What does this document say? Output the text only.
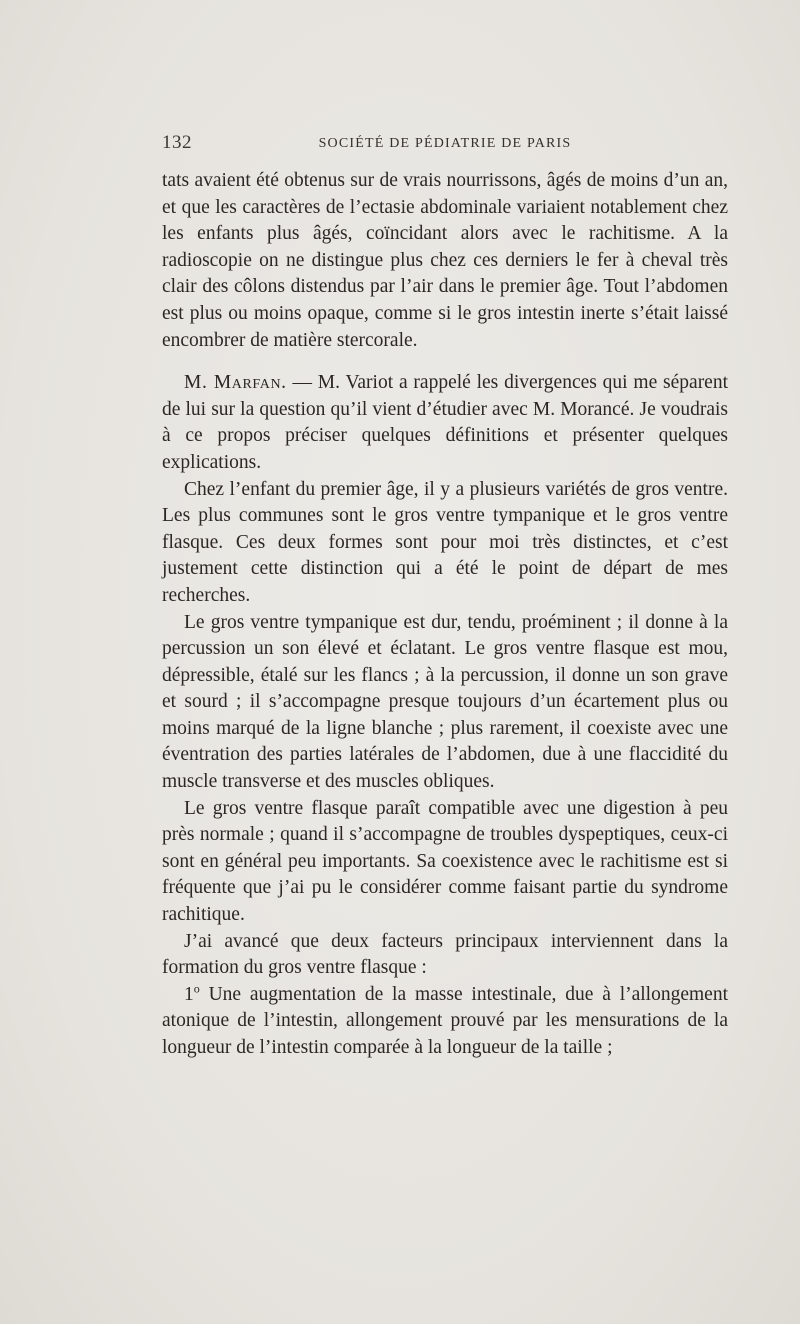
132	SOCIÉTÉ DE PÉDIATRIE DE PARIS

tats avaient été obtenus sur de vrais nourrissons, âgés de moins d’un an, et que les caractères de l’ectasie abdominale variaient notablement chez les enfants plus âgés, coïncidant alors avec le rachitisme. A la radioscopie on ne distingue plus chez ces derniers le fer à cheval très clair des côlons distendus par l’air dans le premier âge. Tout l’abdomen est plus ou moins opaque, comme si le gros intestin inerte s’était laissé encombrer de matière stercorale.

M. Marfan. — M. Variot a rappelé les divergences qui me séparent de lui sur la question qu’il vient d’étudier avec M. Morancé. Je voudrais à ce propos préciser quelques définitions et présenter quelques explications.

Chez l’enfant du premier âge, il y a plusieurs variétés de gros ventre. Les plus communes sont le gros ventre tympanique et le gros ventre flasque. Ces deux formes sont pour moi très distinctes, et c’est justement cette distinction qui a été le point de départ de mes recherches.

Le gros ventre tympanique est dur, tendu, proéminent ; il donne à la percussion un son élevé et éclatant. Le gros ventre flasque est mou, dépressible, étalé sur les flancs ; à la percussion, il donne un son grave et sourd ; il s’accompagne presque toujours d’un écartement plus ou moins marqué de la ligne blanche ; plus rarement, il coexiste avec une éventration des parties latérales de l’abdomen, due à une flaccidité du muscle transverse et des muscles obliques.

Le gros ventre flasque paraît compatible avec une digestion à peu près normale ; quand il s’accompagne de troubles dyspeptiques, ceux-ci sont en général peu importants. Sa coexistence avec le rachitisme est si fréquente que j’ai pu le considérer comme faisant partie du syndrome rachitique.

J’ai avancé que deux facteurs principaux interviennent dans la formation du gros ventre flasque :

1$^o$ Une augmentation de la masse intestinale, due à l’allongement atonique de l’intestin, allongement prouvé par les mensurations de la longueur de l’intestin comparée à la longueur de la taille ;
